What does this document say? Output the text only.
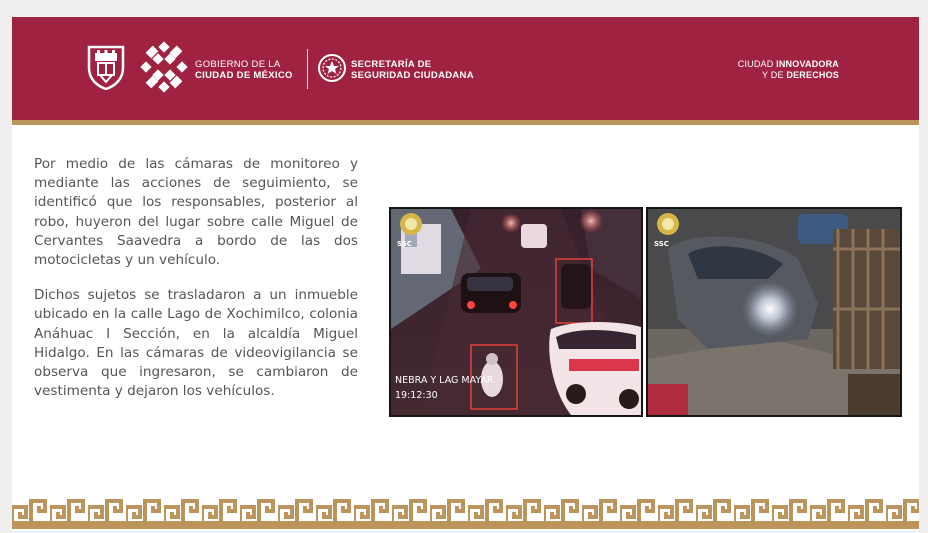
GOBIERNO DE LA
CIUDAD DE MÉXICO
SECRETARÍA DE
SEGURIDAD CIUDADANA
CIUDAD INNOVADORA
Y DE DERECHOS

Por medio de las cámaras de monitoreo y mediante las acciones de seguimiento, se identificó que los responsables, posterior al robo, huyeron del lugar sobre calle Miguel de Cervantes Saavedra a bordo de las dos motocicletas y un vehículo.

Dichos sujetos se trasladaron a un inmueble ubicado en la calle Lago de Xochimilco, colonia Anáhuac I Sección, en la alcaldía Miguel Hidalgo. En las cámaras de videovigilancia se observa que ingresaron, se cambiaron de vestimenta y dejaron los vehículos.

SSC
NEBRA Y LAG MAYAR
19:12:30
SSC
